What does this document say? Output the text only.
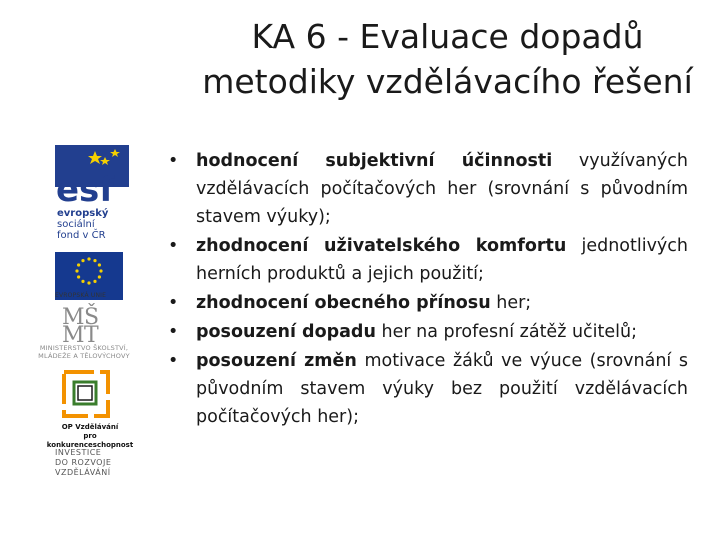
KA 6 - Evaluace dopadů
metodiky vzdělávacího řešení
esf
evropský
sociální
fond v ČR
EVROPSKÁ UNIE
M Š
M T
MINISTERSTVO ŠKOLSTVÍ,
MLÁDEŽE A TĚLOVÝCHOVY
OP Vzdělávání
pro konkurenceschopnost
INVESTICE
DO ROZVOJE
VZDĚLÁVÁNÍ
• hodnocení subjektivní účinnosti využívaných vzdělávacích počítačových her (srovnání s původním stavem výuky);
• zhodnocení uživatelského komfortu jednotlivých herních produktů a jejich použití;
• zhodnocení obecného přínosu her;
• posouzení dopadu her na profesní zátěž učitelů;
• posouzení změn motivace žáků ve výuce (srovnání s původním stavem výuky bez použití vzdělávacích počítačových her);
